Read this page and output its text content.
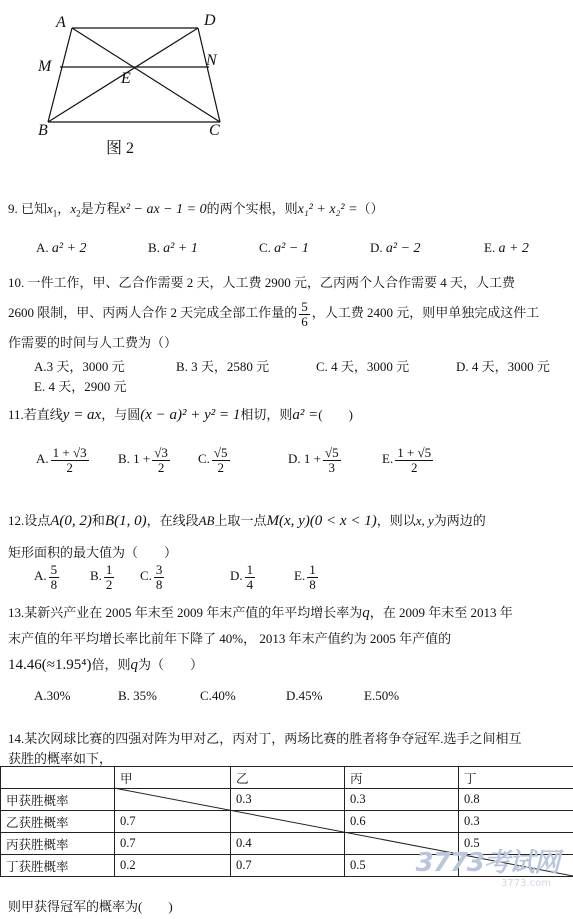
A	D
M	N
E
B	C
图 2
9. 已知$x_1$，$x_2$是方程x² − ax − 1 = 0的两个实根，则x₁² + x₂² =（）
A. a² + 2	B. a² + 1	C. a² − 1	D. a² − 2	E. a + 2
10. 一件工作，甲、乙合作需要 2 天，人工费 2900 元，乙丙两个人合作需要 4 天，人工费
2600 限制，甲、丙两人合作 2 天完成全部工作量的 $\frac{5}{6}$ ，人工费 2400 元，则甲单独完成这件工
作需要的时间与人工费为（）
A.3 天，3000 元	B. 3 天，2580 元	C. 4 天，3000 元	D. 4 天，3000 元
E. 4 天，2900 元
11.若直线y = ax，与圆(x − a)² + y² = 1相切，则a² =(　　)
A. $\frac{1 + √3}{2} B$. $1 + \frac{√3}{2} C$. $\frac{√5}{2}$	D. $1 + \frac{√5}{3}$	E. $\frac{1 + √5}{2}$
12.设点A(0, 2)和B(1, 0)，在线段AB上取一点M(x, y)(0 < x < 1)，则以x, y为两边的
矩形面积的最大值为（　　）
A. $\frac{5}{8} B$. $\frac{1}{2} C$. $\frac{3}{8}$	D. $\frac{1}{4}$	E. $\frac{1}{8}$
13.某新兴产业在 2005 年末至 2009 年末产值的年平均增长率为q，在 2009 年末至 2013 年
末产值的年平均增长率比前年下降了 40%， 2013 年末产值约为 2005 年产值的
14.46(≈1.95⁴)倍，则q为（　　）
A.30%	B. 35%	C.40%	D.45%	E.50%
14.某次网球比赛的四强对阵为甲对乙，丙对丁，两场比赛的胜者将争夺冠军.选手之间相互
获胜的概率如下，
	甲	乙	丙	丁
甲获胜概率		0.3	0.3	0.8
乙获胜概率	0.7		0.6	0.3
丙获胜概率	0.7	0.4		0.5
丁获胜概率	0.2	0.7	0.5	3773考试网
3773.com
则甲获得冠军的概率为(　　)
